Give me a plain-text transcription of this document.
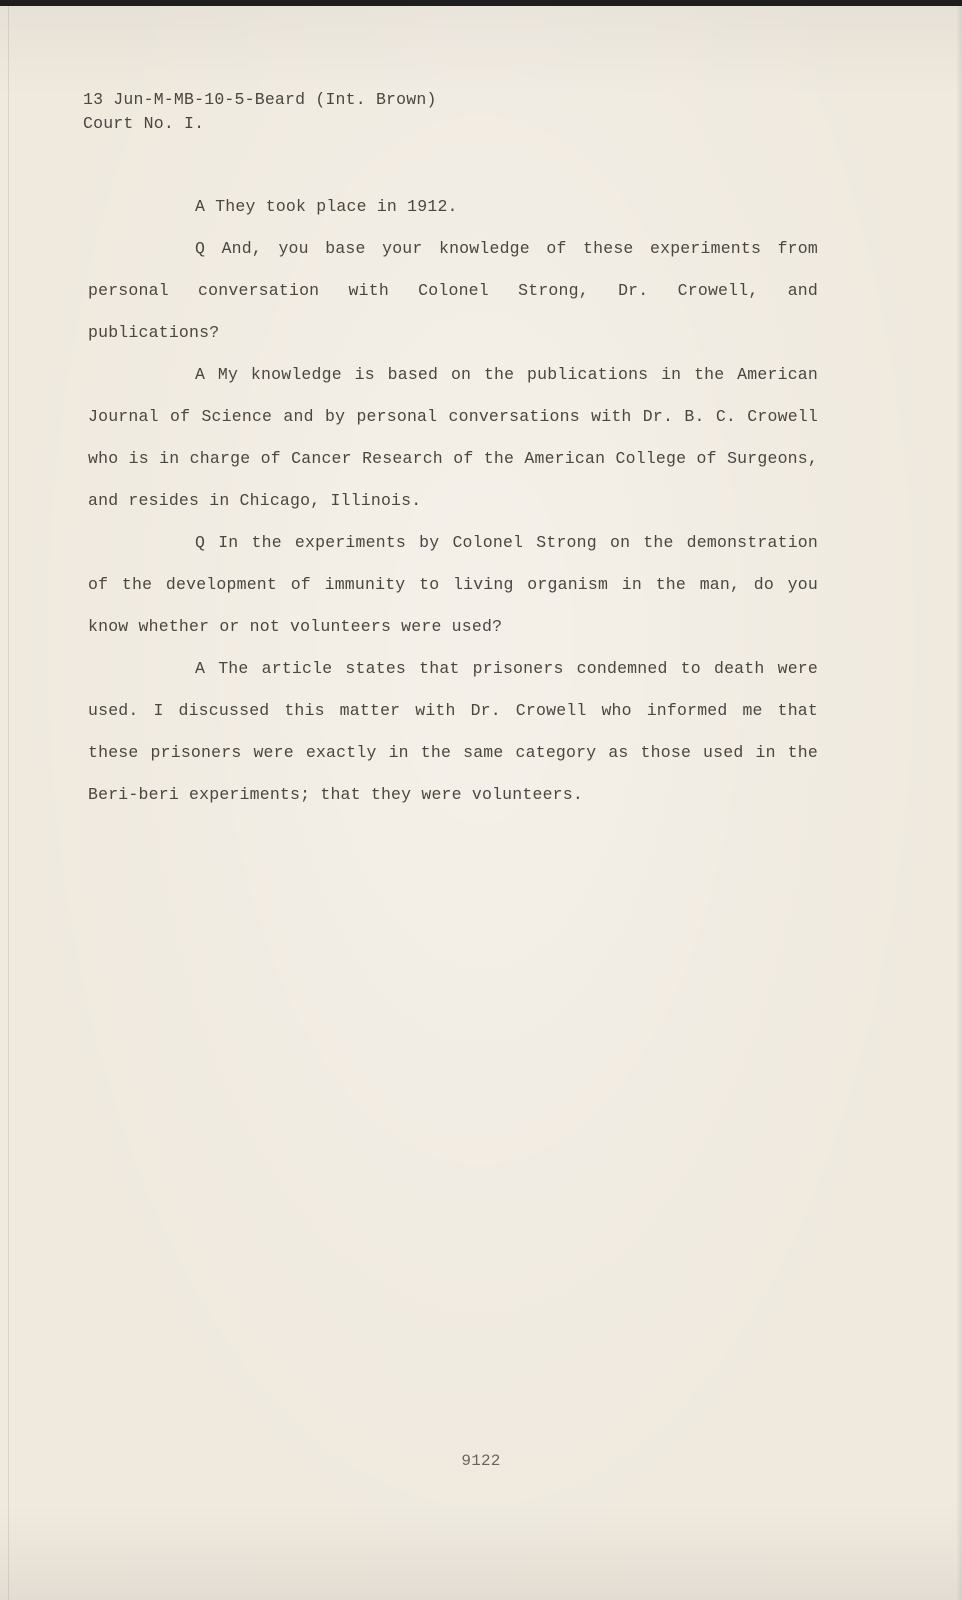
13 Jun-M-MB-10-5-Beard (Int. Brown)
Court No. I.

A They took place in 1912.

Q And, you base your knowledge of these experiments from personal conversation with Colonel Strong, Dr. Crowell, and publications?

A My knowledge is based on the publications in the American Journal of Science and by personal conversations with Dr. B. C. Crowell who is in charge of Cancer Research of the American College of Surgeons, and resides in Chicago, Illinois.

Q In the experiments by Colonel Strong on the demonstration of the development of immunity to living organism in the man, do you know whether or not volunteers were used?

A The article states that prisoners condemned to death were used. I discussed this matter with Dr. Crowell who informed me that these prisoners were exactly in the same category as those used in the Beri-beri experiments; that they were volunteers.

9122
